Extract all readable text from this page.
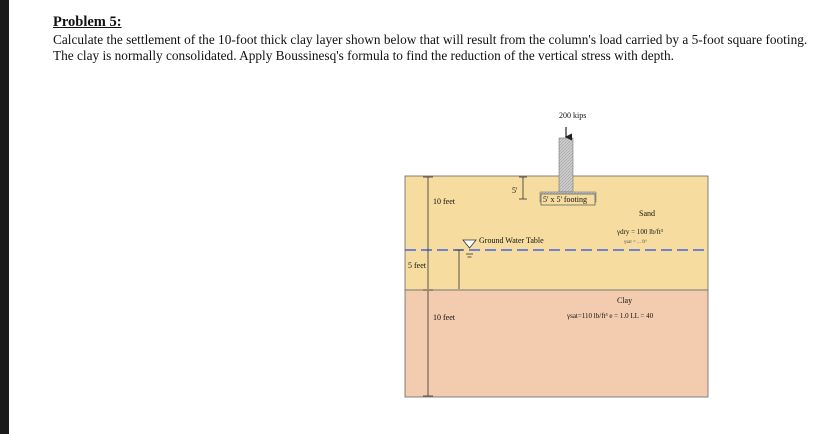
Problem 5:

Calculate the settlement of the 10-foot thick clay layer shown below that will result from the column's load carried by a 5-foot square footing. The clay is normally consolidated. Apply Boussinesq's formula to find the reduction of the vertical stress with depth.

200 kips
5'
5' x 5' footing
10 feet
Ground Water Table
5 feet
10 feet
Sand
γdry = 100 lb/ft³
γsat = ... ft³
Clay
γsat=110 lb/ft³ e = 1.0 LL = 40
